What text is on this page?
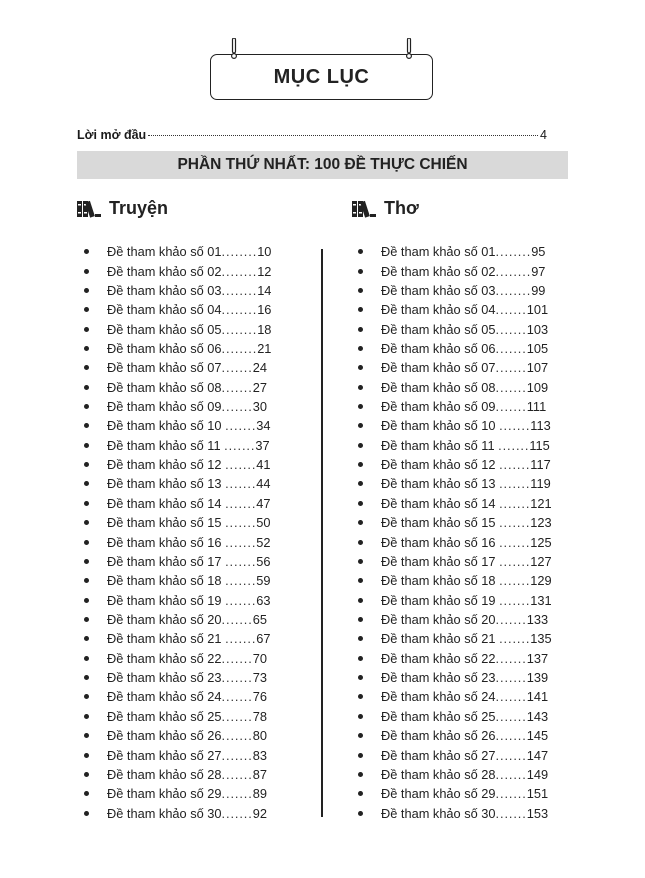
MỤC LỤC
Lời mở đầu	4
PHẦN THỨ NHẤT: 100 ĐỀ THỰC CHIẾN
Truyện	Thơ
Đề tham khảo số 01 ........ 10
Đề tham khảo số 02 ........ 12
Đề tham khảo số 03 ........ 14
Đề tham khảo số 04 ........ 16
Đề tham khảo số 05 ........ 18
Đề tham khảo số 06 ........ 21
Đề tham khảo số 07 ....... 24
Đề tham khảo số 08 ....... 27
Đề tham khảo số 09 ....... 30
Đề tham khảo số 10 ....... 34
Đề tham khảo số 11 ....... 37
Đề tham khảo số 12 ....... 41
Đề tham khảo số 13 ....... 44
Đề tham khảo số 14 ....... 47
Đề tham khảo số 15 ....... 50
Đề tham khảo số 16 ....... 52
Đề tham khảo số 17 ....... 56
Đề tham khảo số 18 ....... 59
Đề tham khảo số 19 ....... 63
Đề tham khảo số 20 ....... 65
Đề tham khảo số 21 ....... 67
Đề tham khảo số 22 ....... 70
Đề tham khảo số 23 ....... 73
Đề tham khảo số 24 ....... 76
Đề tham khảo số 25 ....... 78
Đề tham khảo số 26 ....... 80
Đề tham khảo số 27 ....... 83
Đề tham khảo số 28 ....... 87
Đề tham khảo số 29 ....... 89
Đề tham khảo số 30 ....... 92
Đề tham khảo số 01 ........ 95
Đề tham khảo số 02 ........ 97
Đề tham khảo số 03 ........ 99
Đề tham khảo số 04 ....... 101
Đề tham khảo số 05 ....... 103
Đề tham khảo số 06 ....... 105
Đề tham khảo số 07 ....... 107
Đề tham khảo số 08 ....... 109
Đề tham khảo số 09 ....... 111
Đề tham khảo số 10 ....... 113
Đề tham khảo số 11 ....... 115
Đề tham khảo số 12 ....... 117
Đề tham khảo số 13 ....... 119
Đề tham khảo số 14 ....... 121
Đề tham khảo số 15 ....... 123
Đề tham khảo số 16 ....... 125
Đề tham khảo số 17 ....... 127
Đề tham khảo số 18 ....... 129
Đề tham khảo số 19 ....... 131
Đề tham khảo số 20 ....... 133
Đề tham khảo số 21 ....... 135
Đề tham khảo số 22 ....... 137
Đề tham khảo số 23 ....... 139
Đề tham khảo số 24 ....... 141
Đề tham khảo số 25 ....... 143
Đề tham khảo số 26 ....... 145
Đề tham khảo số 27 ....... 147
Đề tham khảo số 28 ....... 149
Đề tham khảo số 29 ....... 151
Đề tham khảo số 30 ....... 153
